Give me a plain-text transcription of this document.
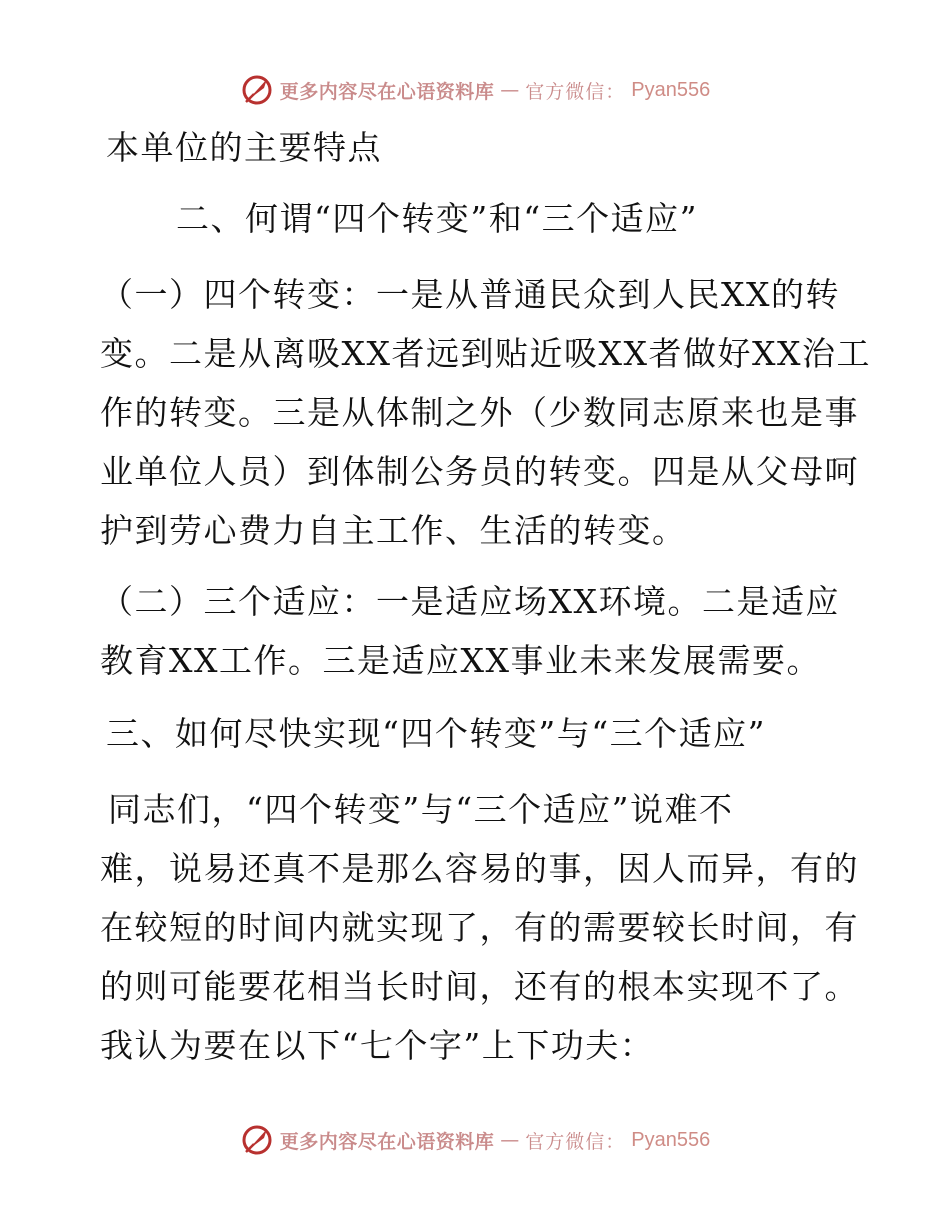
更多内容尽在心语资料库 — 官方微信： Pyan556
本单位的主要特点
二、何谓“四个转变”和“三个适应”
（一）四个转变：一是从普通民众到人民XX的转
变。二是从离吸XX者远到贴近吸XX者做好XX治工
作的转变。三是从体制之外（少数同志原来也是事
业单位人员）到体制公务员的转变。四是从父母呵
护到劳心费力自主工作、生活的转变。
（二）三个适应：一是适应场XX环境。二是适应
教育XX工作。三是适应XX事业未来发展需要。
三、如何尽快实现“四个转变”与“三个适应”
同志们，“四个转变”与“三个适应”说难不
难，说易还真不是那么容易的事，因人而异，有的
在较短的时间内就实现了，有的需要较长时间，有
的则可能要花相当长时间，还有的根本实现不了。
我认为要在以下“七个字”上下功夫：
更多内容尽在心语资料库 — 官方微信： Pyan556
